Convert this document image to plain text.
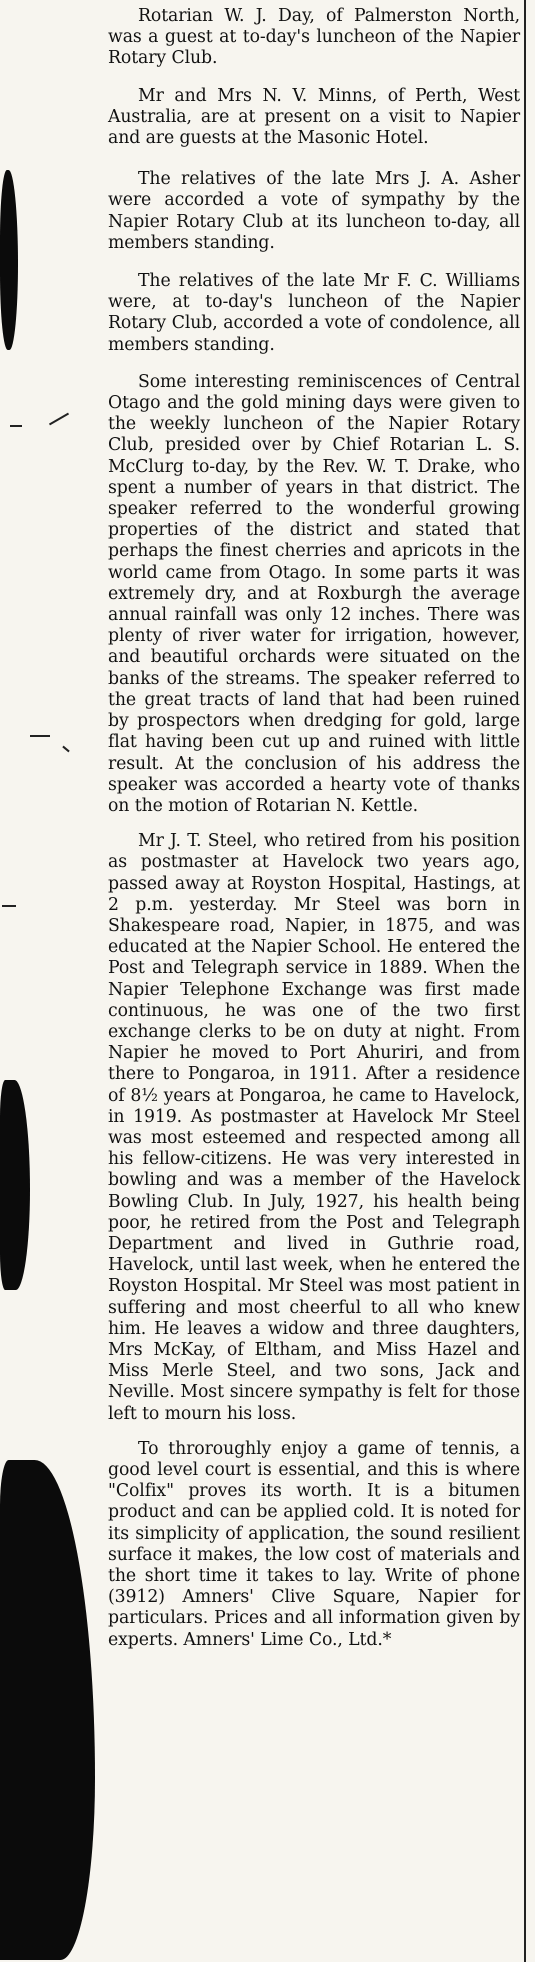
Rotarian W. J. Day, of Palmerston North, was a guest at to-day's luncheon of the Napier Rotary Club.

Mr and Mrs N. V. Minns, of Perth, West Australia, are at present on a visit to Napier and are guests at the Masonic Hotel.

The relatives of the late Mrs J. A. Asher were accorded a vote of sympathy by the Napier Rotary Club at its luncheon to-day, all members standing.

The relatives of the late Mr F. C. Williams were, at to-day's luncheon of the Napier Rotary Club, accorded a vote of condolence, all members standing.

Some interesting reminiscences of Central Otago and the gold mining days were given to the weekly luncheon of the Napier Rotary Club, presided over by Chief Rotarian L. S. McClurg to-day, by the Rev. W. T. Drake, who spent a number of years in that district. The speaker referred to the wonderful growing properties of the district and stated that perhaps the finest cherries and apricots in the world came from Otago. In some parts it was extremely dry, and at Roxburgh the average annual rainfall was only 12 inches. There was plenty of river water for irrigation, however, and beautiful orchards were situated on the banks of the streams. The speaker referred to the great tracts of land that had been ruined by prospectors when dredging for gold, large flat having been cut up and ruined with little result. At the conclusion of his address the speaker was accorded a hearty vote of thanks on the motion of Rotarian N. Kettle.

Mr J. T. Steel, who retired from his position as postmaster at Havelock two years ago, passed away at Royston Hospital, Hastings, at 2 p.m. yesterday. Mr Steel was born in Shakespeare road, Napier, in 1875, and was educated at the Napier School. He entered the Post and Telegraph service in 1889. When the Napier Telephone Exchange was first made continuous, he was one of the two first exchange clerks to be on duty at night. From Napier he moved to Port Ahuriri, and from there to Pongaroa, in 1911. After a residence of 8½ years at Pongaroa, he came to Havelock, in 1919. As postmaster at Havelock Mr Steel was most esteemed and respected among all his fellow-citizens. He was very interested in bowling and was a member of the Havelock Bowling Club. In July, 1927, his health being poor, he retired from the Post and Telegraph Department and lived in Guthrie road, Havelock, until last week, when he entered the Royston Hospital. Mr Steel was most patient in suffering and most cheerful to all who knew him. He leaves a widow and three daughters, Mrs McKay, of Eltham, and Miss Hazel and Miss Merle Steel, and two sons, Jack and Neville. Most sincere sympathy is felt for those left to mourn his loss.

To throroughly enjoy a game of tennis, a good level court is essential, and this is where "Colfix" proves its worth. It is a bitumen product and can be applied cold. It is noted for its simplicity of application, the sound resilient surface it makes, the low cost of materials and the short time it takes to lay. Write of phone (3912) Amners' Clive Square, Napier for particulars. Prices and all information given by experts. Amners' Lime Co., Ltd.*
